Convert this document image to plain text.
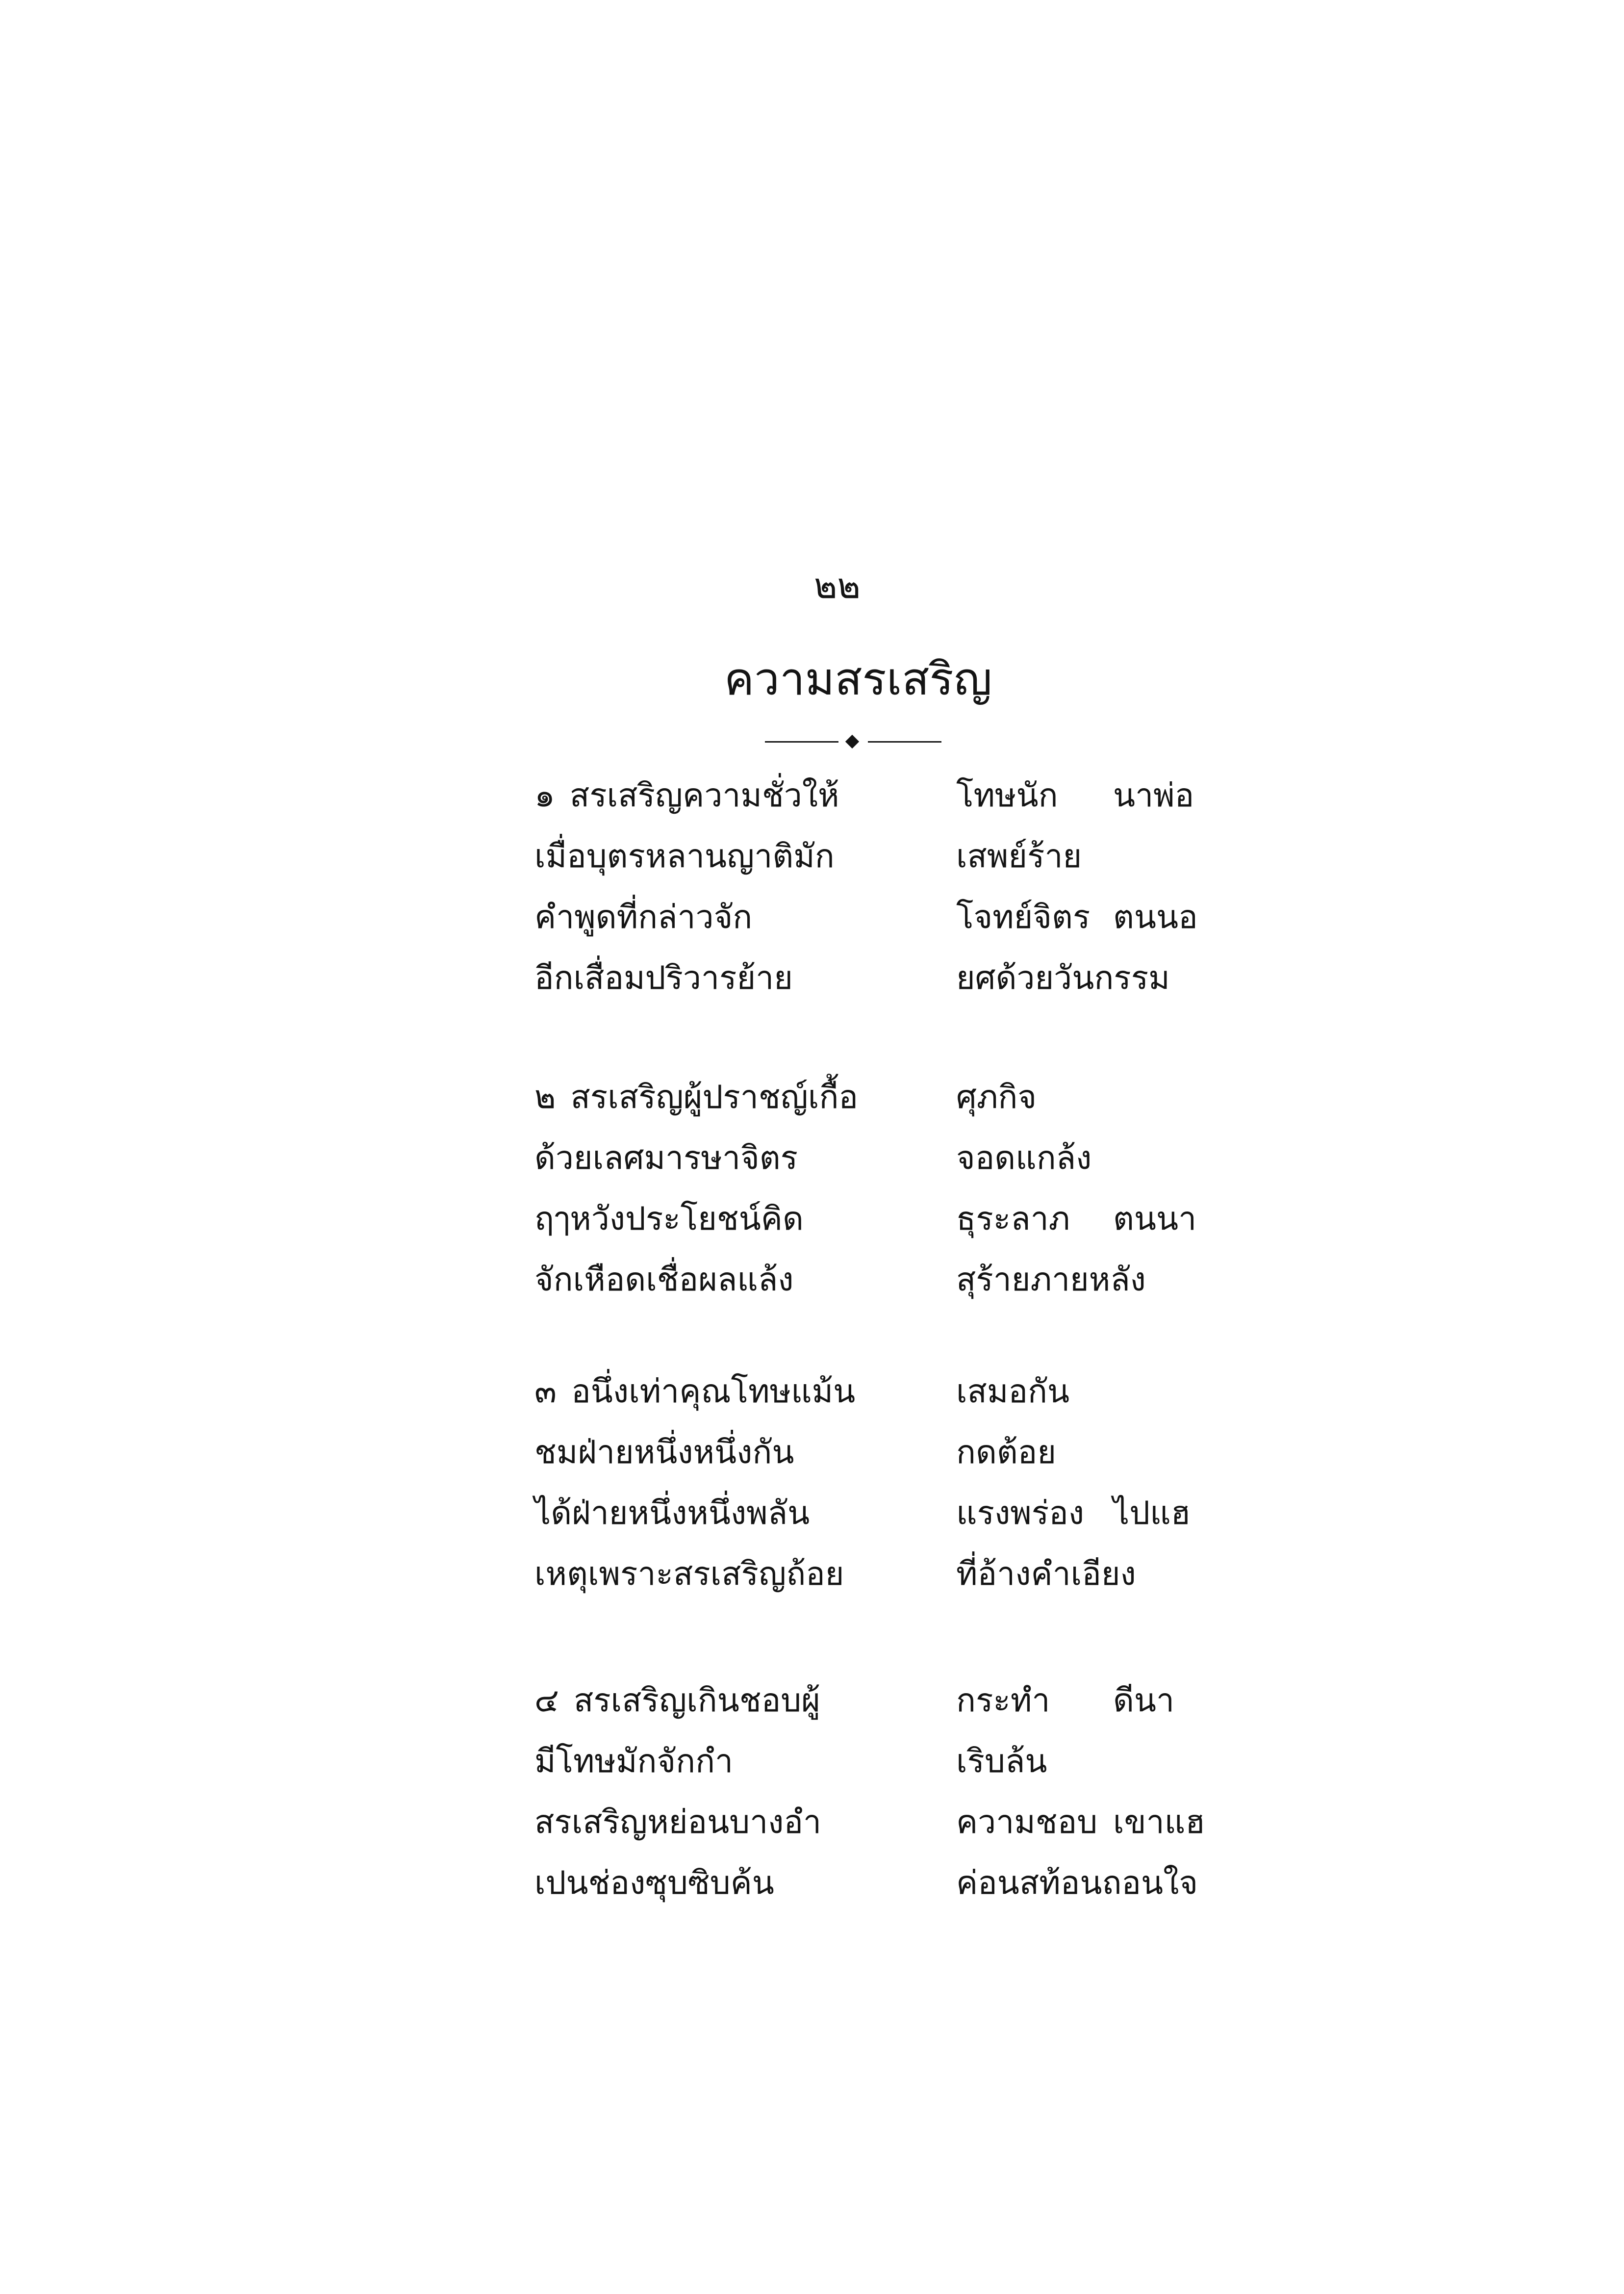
๒๒
ความสรเสริญ
๑ สรเสริญความชั่วให้	โทษนัก นาพ่อ
เมื่อบุตรหลานญาติมัก	เสพย์ร้าย
คำพูดที่กล่าวจัก	โจทย์จิตร ตนนอ
อีกเสื่อมปริวารย้าย	ยศด้วยวันกรรม
๒ สรเสริญผู้ปราชญ์เกื้อ	ศุภกิจ
ด้วยเลศมารษาจิตร	จอดแกล้ง
ฤๅหวังประโยชน์คิด	ธุระลาภ ตนนา
จักเหือดเชื่อผลแล้ง	สุร้ายภายหลัง
๓ อนึ่งเท่าคุณโทษแม้น	เสมอกัน
ชมฝ่ายหนึ่งหนึ่งกัน	กดต้อย
ได้ฝ่ายหนึ่งหนึ่งพลัน	แรงพร่อง ไปแฮ
เหตุเพราะสรเสริญถ้อย	ที่อ้างคำเอียง
๔ สรเสริญเกินชอบผู้	กระทำ ดีนา
มีโทษมักจักกำ	เริบล้น
สรเสริญหย่อนบางอำ	ความชอบ เขาแฮ
เปนช่องซุบซิบค้น	ค่อนสท้อนถอนใจ
